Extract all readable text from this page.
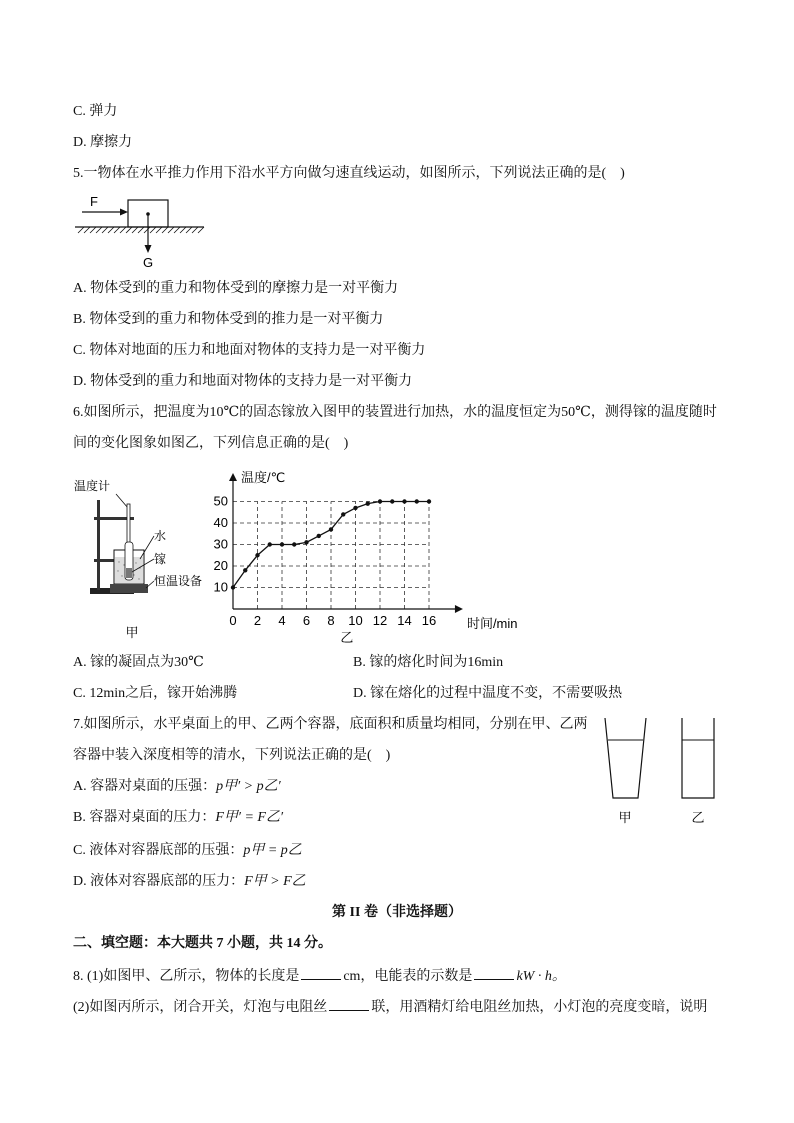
C. 弹力
D. 摩擦力
5.一物体在水平推力作用下沿水平方向做匀速直线运动，如图所示，下列说法正确的是(　)
F
G
A. 物体受到的重力和物体受到的摩擦力是一对平衡力
B. 物体受到的重力和物体受到的推力是一对平衡力
C. 物体对地面的压力和地面对物体的支持力是一对平衡力
D. 物体受到的重力和地面对物体的支持力是一对平衡力
6.如图所示，把温度为10℃的固态镓放入图甲的装置进行加热，水的温度恒定为50℃，测得镓的温度随时
间的变化图象如图乙，下列信息正确的是(　)
温度计
水
镓
恒温设备
甲
0 2 4 6 8 10 12 14 16
10
20
30
40
50
时间/min
温度/℃
乙
A. 镓的凝固点为30℃	B. 镓的熔化时间为16min
C. 12min之后，镓开始沸腾	D. 镓在熔化的过程中温度不变，不需要吸热
7.如图所示，水平桌面上的甲、乙两个容器，底面积和质量均相同，分别在甲、乙两
容器中装入深度相等的清水，下列说法正确的是(　)
A. 容器对桌面的压强：p甲′ > p乙′
B. 容器对桌面的压力：F甲′ = F乙′
C. 液体对容器底部的压强：p甲 = p乙
D. 液体对容器底部的压力：F甲 > F乙
甲	乙
第 II 卷（非选择题）
二、填空题：本大题共 7 小题，共 14 分。
8. (1)如图甲、乙所示，物体的长度是	cm，电能表的示数是	kW · h。
(2)如图丙所示，闭合开关，灯泡与电阻丝	联，用酒精灯给电阻丝加热，小灯泡的亮度变暗，说明
